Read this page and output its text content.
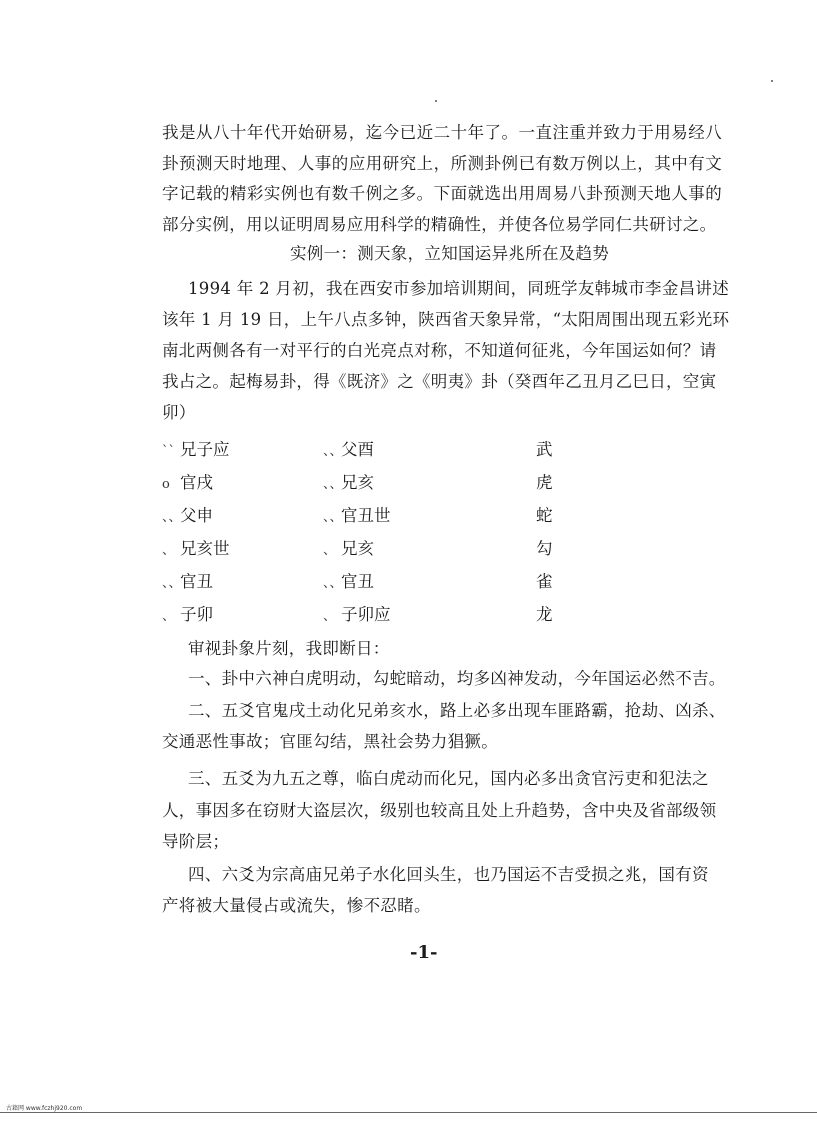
我是从八十年代开始研易，迄今已近二十年了。一直注重并致力于用易经八卦预测天时地理、人事的应用研究上，所测卦例已有数万例以上，其中有文字记载的精彩实例也有数千例之多。下面就选出用周易八卦预测天地人事的部分实例，用以证明周易应用科学的精确性，并使各位易学同仁共研讨之。
实例一：测天象，立知国运异兆所在及趋势
1994 年 2 月初，我在西安市参加培训期间，同班学友韩城市李金昌讲述
该年 1 月 19 日，上午八点多钟，陕西省天象异常，“太阳周围出现五彩光环
南北两侧各有一对平行的白光亮点对称，不知道何征兆，今年国运如何？请
我占之。起梅易卦，得《既济》之《明夷》卦（癸酉年乙丑月乙巳日，空寅
卯）
`` 兄子应	、、父酉	武
o 官戌	、、兄亥	虎
、、父申	、、官丑世	蛇
、 兄亥世	、 兄亥	勾
、、官丑	、、官丑	雀
、 子卯	、 子卯应	龙
审视卦象片刻，我即断日：
一、卦中六神白虎明动，勾蛇暗动，均多凶神发动，今年国运必然不吉。
二、五爻官鬼戌土动化兄弟亥水，路上必多出现车匪路霸，抢劫、凶杀、
交通恶性事故；官匪勾结，黑社会势力猖獗。
三、五爻为九五之尊，临白虎动而化兄，国内必多出贪官污吏和犯法之
人，事因多在窃财大盗层次，级别也较高且处上升趋势，含中央及省部级领
导阶层；
四、六爻为宗高庙兄弟子水化回头生，也乃国运不吉受损之兆，国有资
产将被大量侵占或流失，惨不忍睹。
-1-
古籍网 www.fczhj920.com
